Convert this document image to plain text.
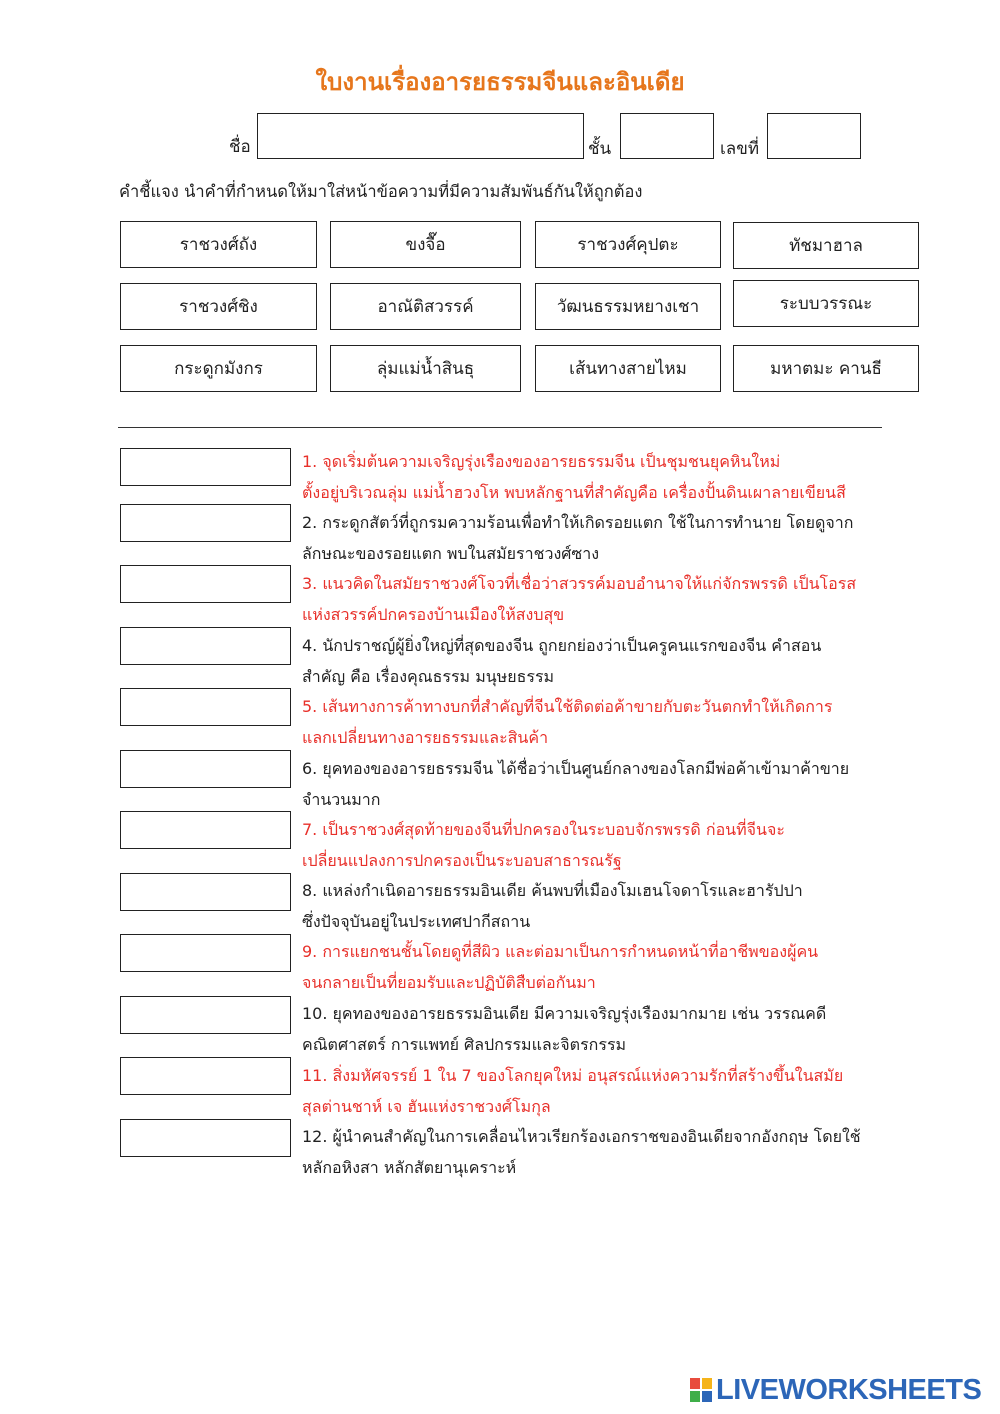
ใบงานเรื่องอารยธรรมจีนและอินเดีย
ชื่อ	ชั้น	เลขที่
คำชี้แจง นำคำที่กำหนดให้มาใส่หน้าข้อความที่มีความสัมพันธ์กันให้ถูกต้อง
ราชวงศ์ถัง	ขงจื๊อ	ราชวงศ์คุปตะ	ทัชมาฮาล
ราชวงศ์ชิง	อาณัติสวรรค์	วัฒนธรรมหยางเชา	ระบบวรรณะ
กระดูกมังกร	ลุ่มแม่น้ำสินธุ	เส้นทางสายไหม	มหาตมะ คานธี
1. จุดเริ่มต้นความเจริญรุ่งเรืองของอารยธรรมจีน เป็นชุมชนยุคหินใหม่
ตั้งอยู่บริเวณลุ่ม แม่น้ำฮวงโห พบหลักฐานที่สำคัญคือ เครื่องปั้นดินเผาลายเขียนสี
2. กระดูกสัตว์ที่ถูกรมความร้อนเพื่อทำให้เกิดรอยแตก ใช้ในการทำนาย โดยดูจาก
ลักษณะของรอยแตก พบในสมัยราชวงศ์ซาง
3. แนวคิดในสมัยราชวงศ์โจวที่เชื่อว่าสวรรค์มอบอำนาจให้แก่จักรพรรดิ เป็นโอรส
แห่งสวรรค์ปกครองบ้านเมืองให้สงบสุข
4. นักปราชญ์ผู้ยิ่งใหญ่ที่สุดของจีน ถูกยกย่องว่าเป็นครูคนแรกของจีน คำสอน
สำคัญ คือ เรื่องคุณธรรม มนุษยธรรม
5. เส้นทางการค้าทางบกที่สำคัญที่จีนใช้ติดต่อค้าขายกับตะวันตกทำให้เกิดการ
แลกเปลี่ยนทางอารยธรรมและสินค้า
6. ยุคทองของอารยธรรมจีน ได้ชื่อว่าเป็นศูนย์กลางของโลกมีพ่อค้าเข้ามาค้าขาย
จำนวนมาก
7. เป็นราชวงศ์สุดท้ายของจีนที่ปกครองในระบอบจักรพรรดิ ก่อนที่จีนจะ
เปลี่ยนแปลงการปกครองเป็นระบอบสาธารณรัฐ
8. แหล่งกำเนิดอารยธรรมอินเดีย ค้นพบที่เมืองโมเฮนโจดาโรและฮารัปปา
ซึ่งปัจจุบันอยู่ในประเทศปากีสถาน
9. การแยกชนชั้นโดยดูที่สีผิว และต่อมาเป็นการกำหนดหน้าที่อาชีพของผู้คน
จนกลายเป็นที่ยอมรับและปฏิบัติสืบต่อกันมา
10. ยุคทองของอารยธรรมอินเดีย มีความเจริญรุ่งเรืองมากมาย เช่น วรรณคดี
คณิตศาสตร์ การแพทย์ ศิลปกรรมและจิตรกรรม
11. สิ่งมหัศจรรย์ 1 ใน 7 ของโลกยุคใหม่ อนุสรณ์แห่งความรักที่สร้างขึ้นในสมัย
สุลต่านชาห์ เจ ฮันแห่งราชวงศ์โมกุล
12. ผู้นำคนสำคัญในการเคลื่อนไหวเรียกร้องเอกราชของอินเดียจากอังกฤษ โดยใช้
หลักอหิงสา หลักสัตยานุเคราะห์
LIVEWORKSHEETS
